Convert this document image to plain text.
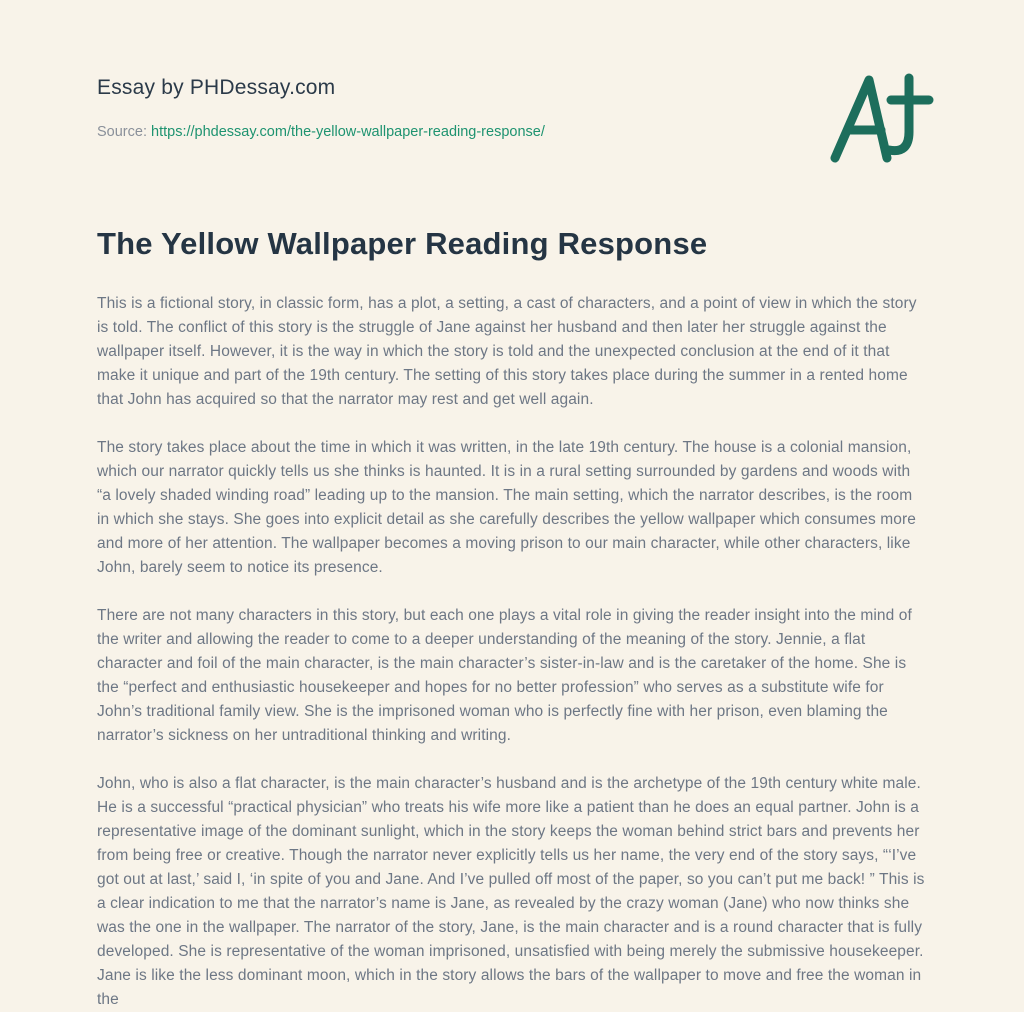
Essay by PHDessay.com
Source: https://phdessay.com/the-yellow-wallpaper-reading-response/
The Yellow Wallpaper Reading Response

This is a fictional story, in classic form, has a plot, a setting, a cast of characters, and a point of view in which the story is told. The conflict of this story is the struggle of Jane against her husband and then later her struggle against the wallpaper itself. However, it is the way in which the story is told and the unexpected conclusion at the end of it that make it unique and part of the 19th century. The setting of this story takes place during the summer in a rented home that John has acquired so that the narrator may rest and get well again.

The story takes place about the time in which it was written, in the late 19th century. The house is a colonial mansion, which our narrator quickly tells us she thinks is haunted. It is in a rural setting surrounded by gardens and woods with “a lovely shaded winding road” leading up to the mansion. The main setting, which the narrator describes, is the room in which she stays. She goes into explicit detail as she carefully describes the yellow wallpaper which consumes more and more of her attention. The wallpaper becomes a moving prison to our main character, while other characters, like John, barely seem to notice its presence.

There are not many characters in this story, but each one plays a vital role in giving the reader insight into the mind of the writer and allowing the reader to come to a deeper understanding of the meaning of the story. Jennie, a flat character and foil of the main character, is the main character’s sister-in-law and is the caretaker of the home. She is the “perfect and enthusiastic housekeeper and hopes for no better profession” who serves as a substitute wife for John’s traditional family view. She is the imprisoned woman who is perfectly fine with her prison, even blaming the narrator’s sickness on her untraditional thinking and writing.

John, who is also a flat character, is the main character’s husband and is the archetype of the 19th century white male. He is a successful “practical physician” who treats his wife more like a patient than he does an equal partner. John is a representative image of the dominant sunlight, which in the story keeps the woman behind strict bars and prevents her from being free or creative. Though the narrator never explicitly tells us her name, the very end of the story says, “‘I’ve got out at last,’ said I, ‘in spite of you and Jane. And I’ve pulled off most of the paper, so you can’t put me back! ” This is a clear indication to me that the narrator’s name is Jane, as revealed by the crazy woman (Jane) who now thinks she was the one in the wallpaper. The narrator of the story, Jane, is the main character and is a round character that is fully developed. She is representative of the woman imprisoned, unsatisfied with being merely the submissive housekeeper. Jane is like the less dominant moon, which in the story allows the bars of the wallpaper to move and free the woman in the
